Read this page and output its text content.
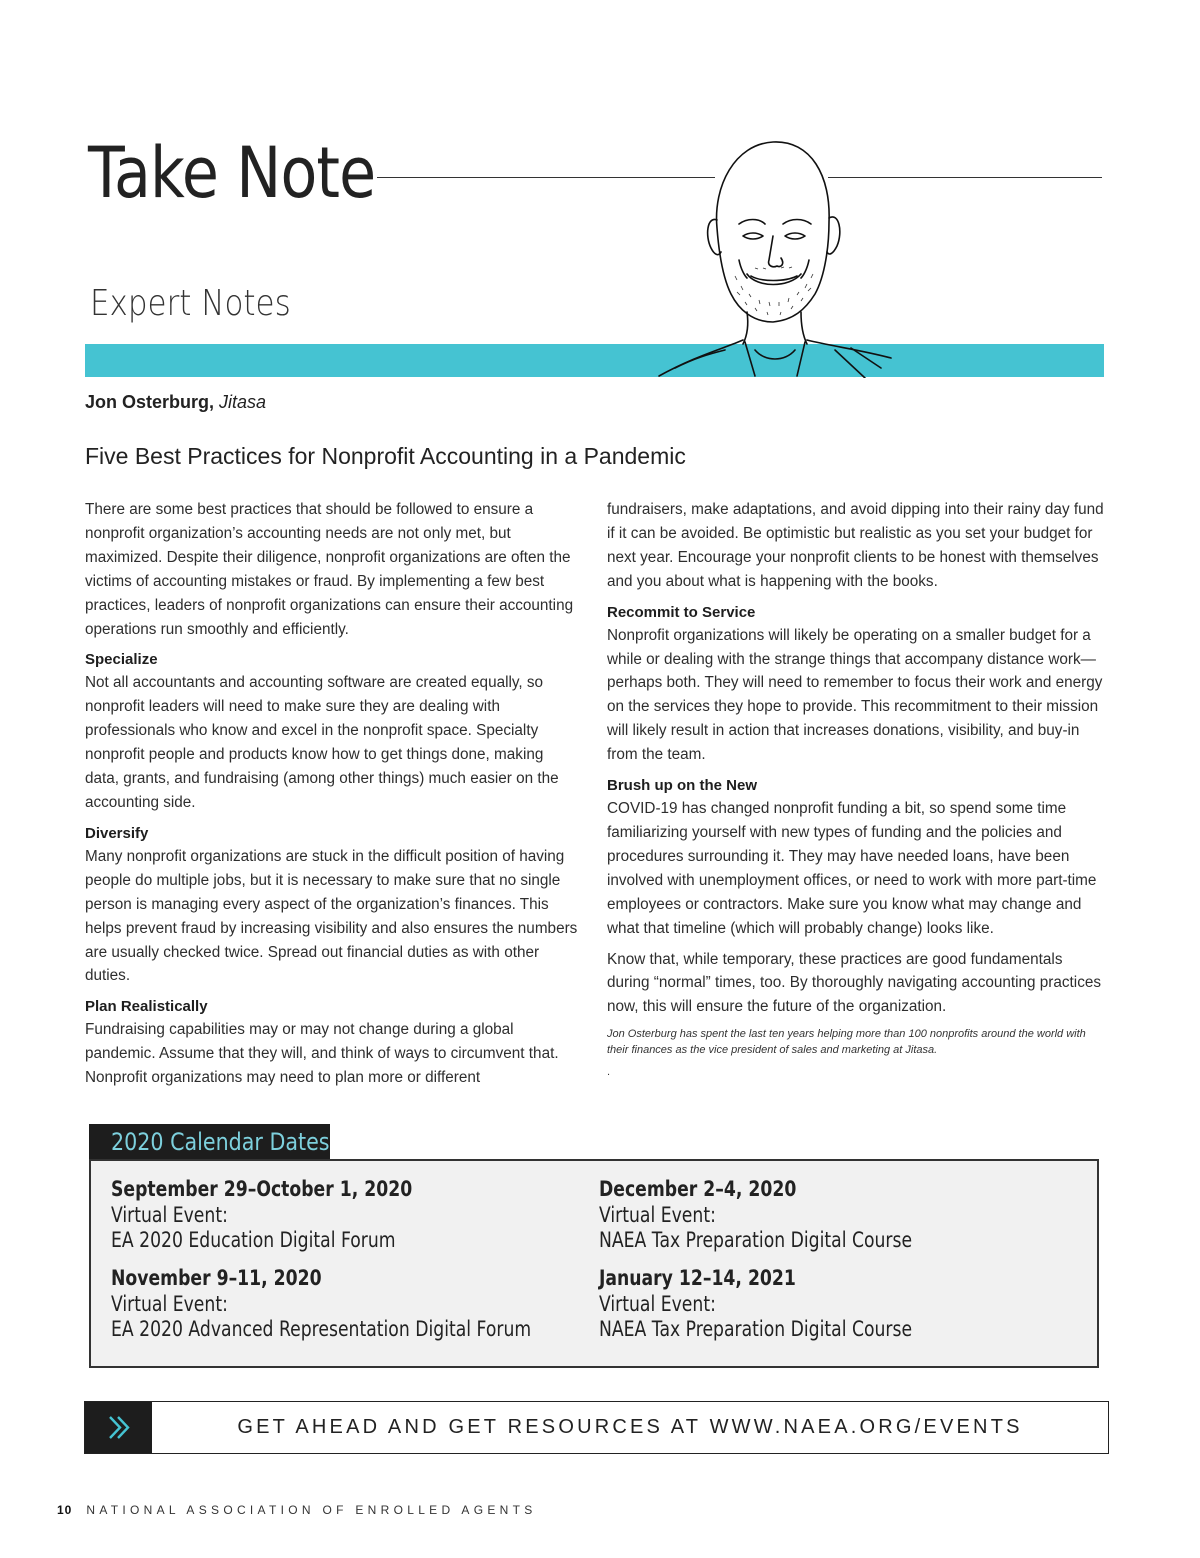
Take Note
Expert Notes
Jon Osterburg, Jitasa
Five Best Practices for Nonprofit Accounting in a Pandemic

There are some best practices that should be followed to ensure a nonprofit organization’s accounting needs are not only met, but maximized. Despite their diligence, nonprofit organizations are often the victims of accounting mistakes or fraud. By implementing a few best practices, leaders of nonprofit organizations can ensure their accounting operations run smoothly and efficiently.

Specialize

Not all accountants and accounting software are created equally, so nonprofit leaders will need to make sure they are dealing with professionals who know and excel in the nonprofit space. Specialty nonprofit people and products know how to get things done, making data, grants, and fundraising (among other things) much easier on the accounting side.

Diversify

Many nonprofit organizations are stuck in the difficult position of having people do multiple jobs, but it is necessary to make sure that no single person is managing every aspect of the organization’s finances. This helps prevent fraud by increasing visibility and also ensures the numbers are usually checked twice. Spread out financial duties as with other duties.

Plan Realistically

Fundraising capabilities may or may not change during a global pandemic. Assume that they will, and think of ways to circumvent that. Nonprofit organizations may need to plan more or different

fundraisers, make adaptations, and avoid dipping into their rainy day fund if it can be avoided. Be optimistic but realistic as you set your budget for next year. Encourage your nonprofit clients to be honest with themselves and you about what is happening with the books.

Recommit to Service

Nonprofit organizations will likely be operating on a smaller budget for a while or dealing with the strange things that accompany distance work—perhaps both. They will need to remember to focus their work and energy on the services they hope to provide. This recommitment to their mission will likely result in action that increases donations, visibility, and buy-in from the team.

Brush up on the New

COVID-19 has changed nonprofit funding a bit, so spend some time familiarizing yourself with new types of funding and the policies and procedures surrounding it. They may have needed loans, have been involved with unemployment offices, or need to work with more part-time employees or contractors. Make sure you know what may change and what that timeline (which will probably change) looks like.

Know that, while temporary, these practices are good fundamentals during “normal” times, too. By thoroughly navigating accounting practices now, this will ensure the future of the organization.

Jon Osterburg has spent the last ten years helping more than 100 nonprofits around the world with their finances as the vice president of sales and marketing at Jitasa.
.
2020 Calendar Dates
September 29–October 1, 2020
Virtual Event:
EA 2020 Education Digital Forum
December 2–4, 2020
Virtual Event:
NAEA Tax Preparation Digital Course
November 9–11, 2020
Virtual Event:
EA 2020 Advanced Representation Digital Forum
January 12–14, 2021
Virtual Event:
NAEA Tax Preparation Digital Course
GET AHEAD AND GET RESOURCES AT WWW.NAEA.ORG/EVENTS
10 NATIONAL ASSOCIATION OF ENROLLED AGENTS
